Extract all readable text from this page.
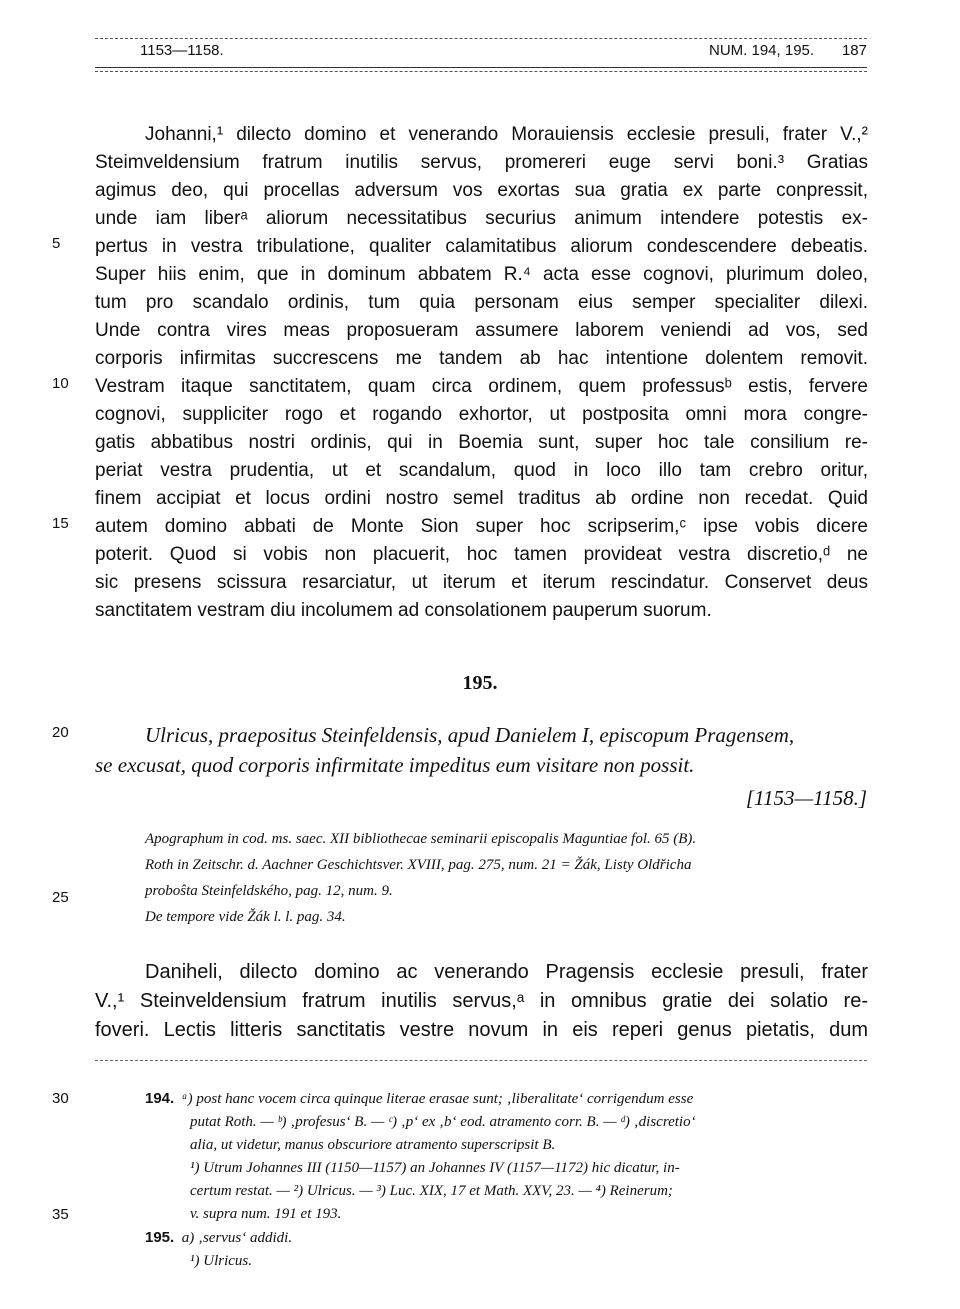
1153—1158.	NUM. 194, 195. 187
Johanni,¹ dilecto domino et venerando Morauiensis ecclesie presuli, frater V.,²
Steimveldensium fratrum inutilis servus, promereri euge servi boni.³ Gratias
agimus deo, qui procellas adversum vos exortas sua gratia ex parte conpressit,
unde iam liberᵃ aliorum necessitatibus securius animum intendere potestis ex-
pertus in vestra tribulatione, qualiter calamitatibus aliorum condescendere debeatis.
Super hiis enim, que in dominum abbatem R.⁴ acta esse cognovi, plurimum doleo,
tum pro scandalo ordinis, tum quia personam eius semper specialiter dilexi.
Unde contra vires meas proposueram assumere laborem veniendi ad vos, sed
corporis infirmitas succrescens me tandem ab hac intentione dolentem removit.
Vestram itaque sanctitatem, quam circa ordinem, quem professusᵇ estis, fervere
cognovi, suppliciter rogo et rogando exhortor, ut postposita omni mora congre-
gatis abbatibus nostri ordinis, qui in Boemia sunt, super hoc tale consilium re-
periat vestra prudentia, ut et scandalum, quod in loco illo tam crebro oritur,
finem accipiat et locus ordini nostro semel traditus ab ordine non recedat. Quid
autem domino abbati de Monte Sion super hoc scripserim,ᶜ ipse vobis dicere
poterit. Quod si vobis non placuerit, hoc tamen provideat vestra discretio,ᵈ ne
sic presens scissura resarciatur, ut iterum et iterum rescindatur. Conservet deus
sanctitatem vestram diu incolumem ad consolationem pauperum suorum.
5
10
15
20
25
30
35
195.
Ulricus, praepositus Steinfeldensis, apud Danielem I, episcopum Pragensem,
se excusat, quod corporis infirmitate impeditus eum visitare non possit.
[1153—1158.]
Apographum in cod. ms. saec. XII bibliothecae seminarii episcopalis Maguntiae fol. 65 (B).
Roth in Zeitschr. d. Aachner Geschichtsver. XVIII, pag. 275, num. 21 = Žák, Listy Oldřicha
proboŝta Steinfeldského, pag. 12, num. 9.
De tempore vide Žák l. l. pag. 34.
Daniheli, dilecto domino ac venerando Pragensis ecclesie presuli, frater
V.,¹ Steinveldensium fratrum inutilis servus,ᵃ in omnibus gratie dei solatio re-
foveri. Lectis litteris sanctitatis vestre novum in eis reperi genus pietatis, dum
194. ᵃ) post hanc vocem circa quinque literae erasae sunt; ‚liberalitate‘ corrigendum esse
putat Roth. — ᵇ) ‚profesus‘ B. — ᶜ) ‚p‘ ex ‚b‘ eod. atramento corr. B. — ᵈ) ‚discretio‘
alia, ut videtur, manus obscuriore atramento superscripsit B.
¹) Utrum Johannes III (1150—1157) an Johannes IV (1157—1172) hic dicatur, in-
certum restat. — ²) Ulricus. — ³) Luc. XIX, 17 et Math. XXV, 23. — ⁴) Reinerum;
v. supra num. 191 et 193.
195. a) ‚servus‘ addidi.
¹) Ulricus.
